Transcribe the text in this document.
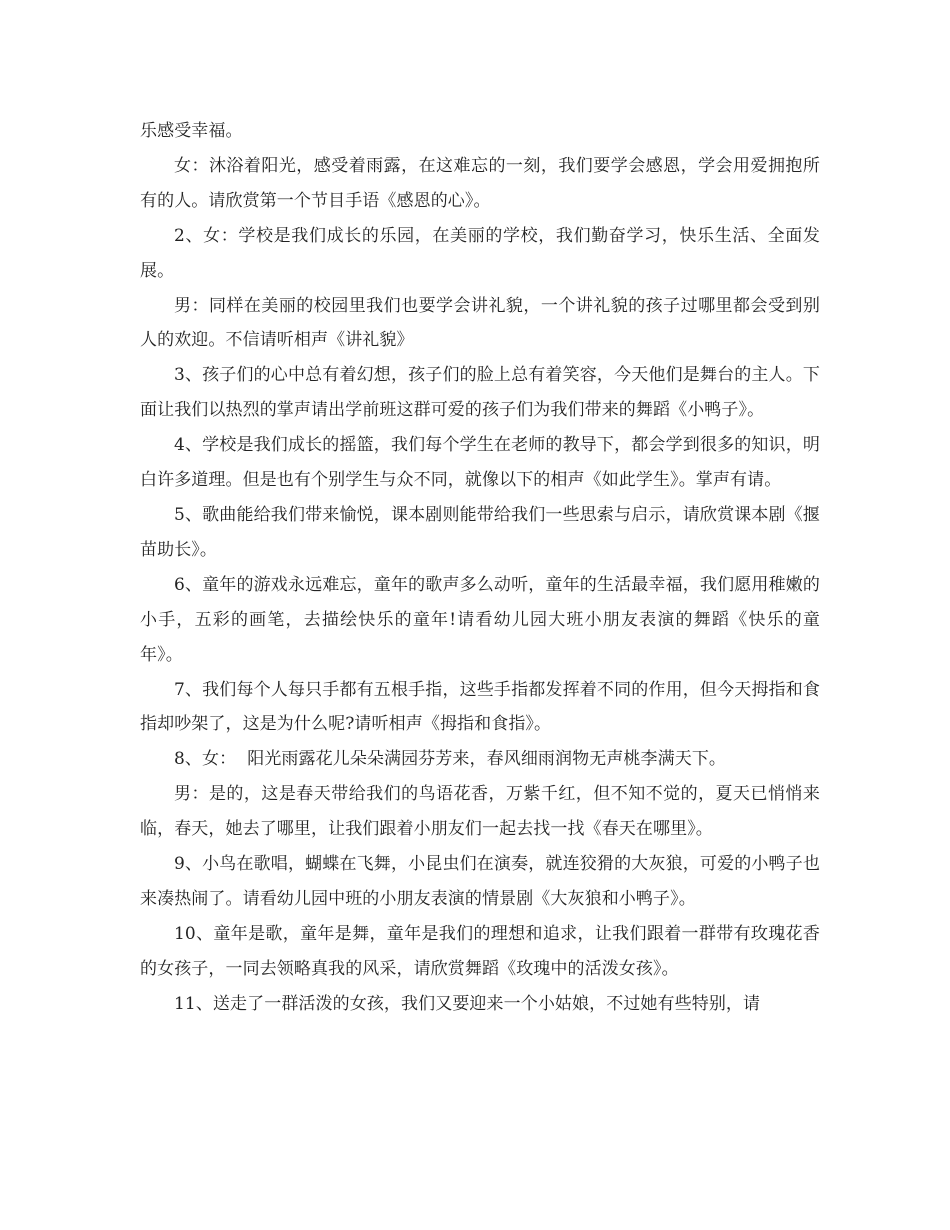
乐感受幸福。

女：沐浴着阳光，感受着雨露，在这难忘的一刻，我们要学会感恩，学会用爱拥抱所有的人。请欣赏第一个节目手语《感恩的心》。

2、女：学校是我们成长的乐园，在美丽的学校，我们勤奋学习，快乐生活、全面发展。

男：同样在美丽的校园里我们也要学会讲礼貌，一个讲礼貌的孩子过哪里都会受到别人的欢迎。不信请听相声《讲礼貌》

3、孩子们的心中总有着幻想，孩子们的脸上总有着笑容，今天他们是舞台的主人。下面让我们以热烈的掌声请出学前班这群可爱的孩子们为我们带来的舞蹈《小鸭子》。

4、学校是我们成长的摇篮，我们每个学生在老师的教导下，都会学到很多的知识，明白许多道理。但是也有个别学生与众不同，就像以下的相声《如此学生》。掌声有请。

5、歌曲能给我们带来愉悦，课本剧则能带给我们一些思索与启示，请欣赏课本剧《揠苗助长》。

6、童年的游戏永远难忘，童年的歌声多么动听，童年的生活最幸福，我们愿用稚嫩的小手，五彩的画笔，去描绘快乐的童年!请看幼儿园大班小朋友表演的舞蹈《快乐的童年》。

7、我们每个人每只手都有五根手指，这些手指都发挥着不同的作用，但今天拇指和食指却吵架了，这是为什么呢?请听相声《拇指和食指》。

8、女：  阳光雨露花儿朵朵满园芬芳来，春风细雨润物无声桃李满天下。

男：是的，这是春天带给我们的鸟语花香，万紫千红，但不知不觉的，夏天已悄悄来临，春天，她去了哪里，让我们跟着小朋友们一起去找一找《春天在哪里》。

9、小鸟在歌唱，蝴蝶在飞舞，小昆虫们在演奏，就连狡猾的大灰狼，可爱的小鸭子也来凑热闹了。请看幼儿园中班的小朋友表演的情景剧《大灰狼和小鸭子》。

10、童年是歌，童年是舞，童年是我们的理想和追求，让我们跟着一群带有玫瑰花香的女孩子，一同去领略真我的风采，请欣赏舞蹈《玫瑰中的活泼女孩》。

11、送走了一群活泼的女孩，我们又要迎来一个小姑娘，不过她有些特别，请
